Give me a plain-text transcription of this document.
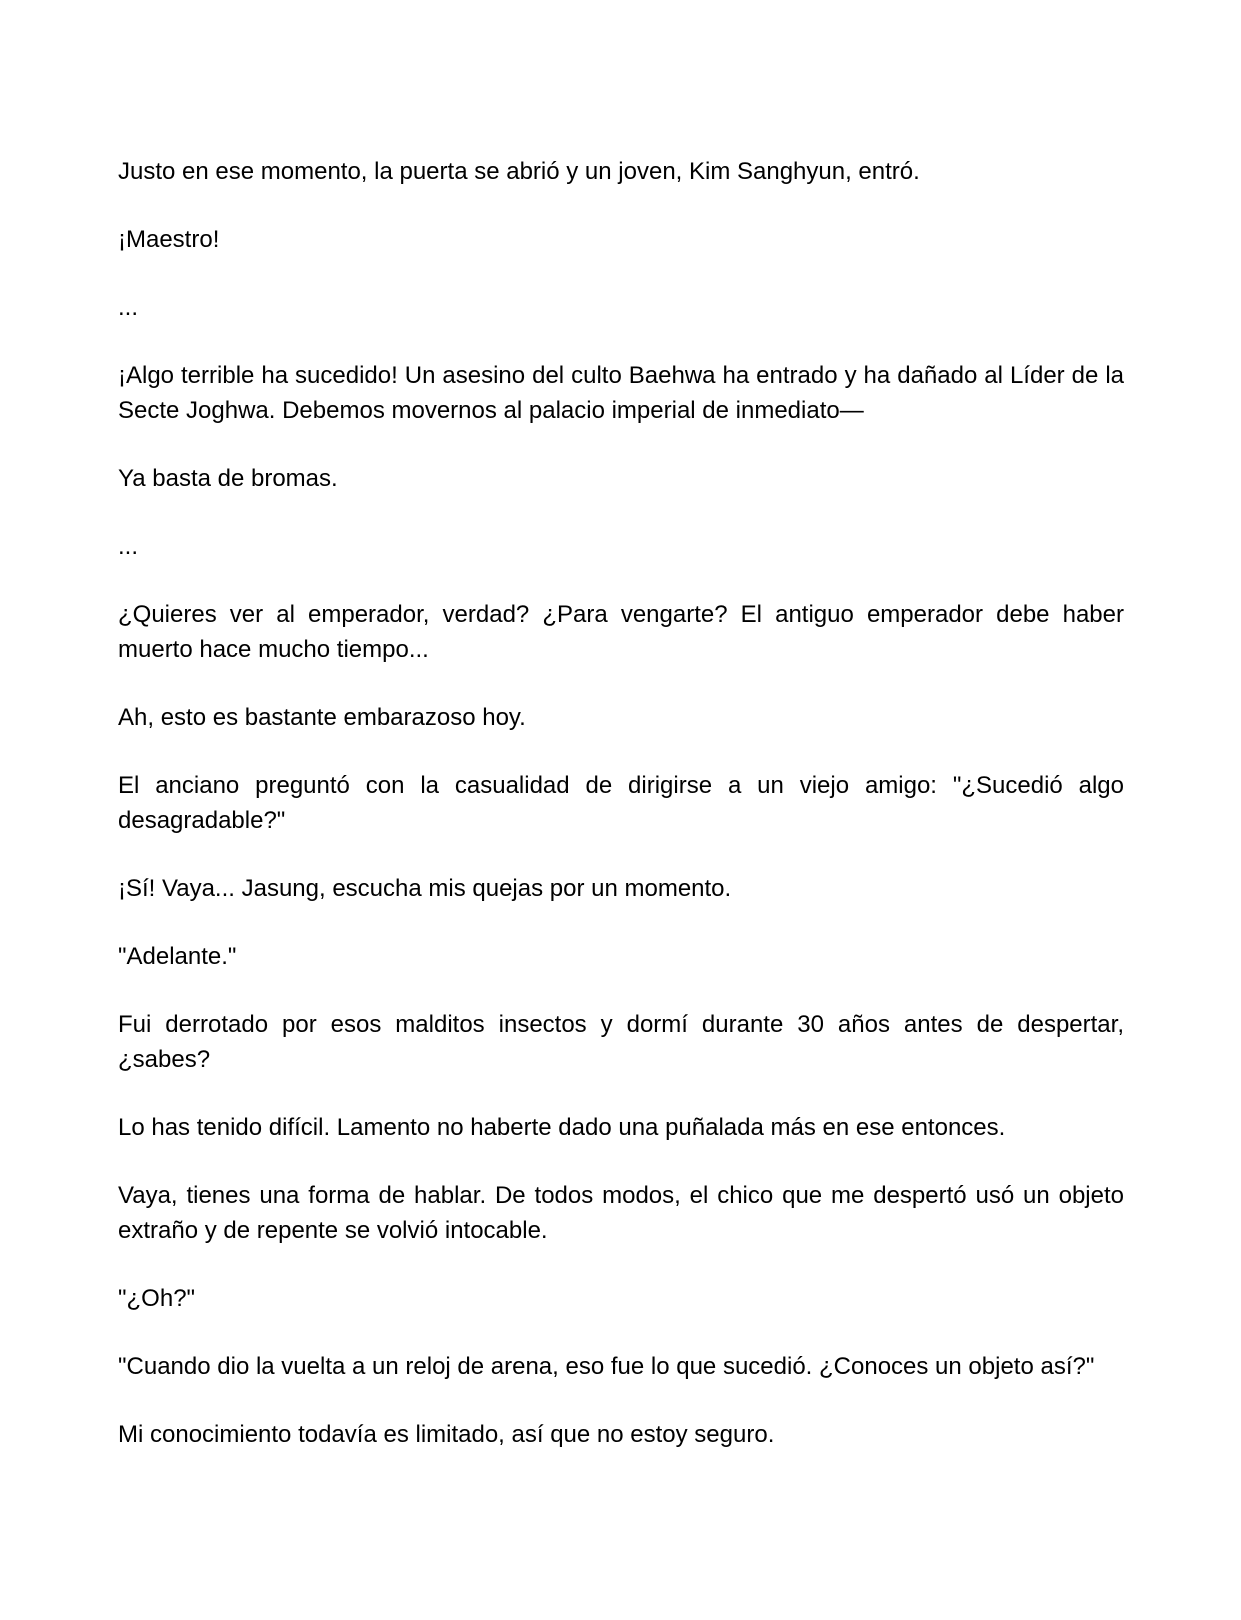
Justo en ese momento, la puerta se abrió y un joven, Kim Sanghyun, entró.

¡Maestro!

...

¡Algo terrible ha sucedido! Un asesino del culto Baehwa ha entrado y ha dañado al Líder de la Secte Joghwa. Debemos movernos al palacio imperial de inmediato—

Ya basta de bromas.

...

¿Quieres ver al emperador, verdad? ¿Para vengarte? El antiguo emperador debe haber muerto hace mucho tiempo...

Ah, esto es bastante embarazoso hoy.

El anciano preguntó con la casualidad de dirigirse a un viejo amigo: "¿Sucedió algo desagradable?"

¡Sí! Vaya... Jasung, escucha mis quejas por un momento.

"Adelante."

Fui derrotado por esos malditos insectos y dormí durante 30 años antes de despertar, ¿sabes?

Lo has tenido difícil. Lamento no haberte dado una puñalada más en ese entonces.

Vaya, tienes una forma de hablar. De todos modos, el chico que me despertó usó un objeto extraño y de repente se volvió intocable.

"¿Oh?"

"Cuando dio la vuelta a un reloj de arena, eso fue lo que sucedió. ¿Conoces un objeto así?"

Mi conocimiento todavía es limitado, así que no estoy seguro.
